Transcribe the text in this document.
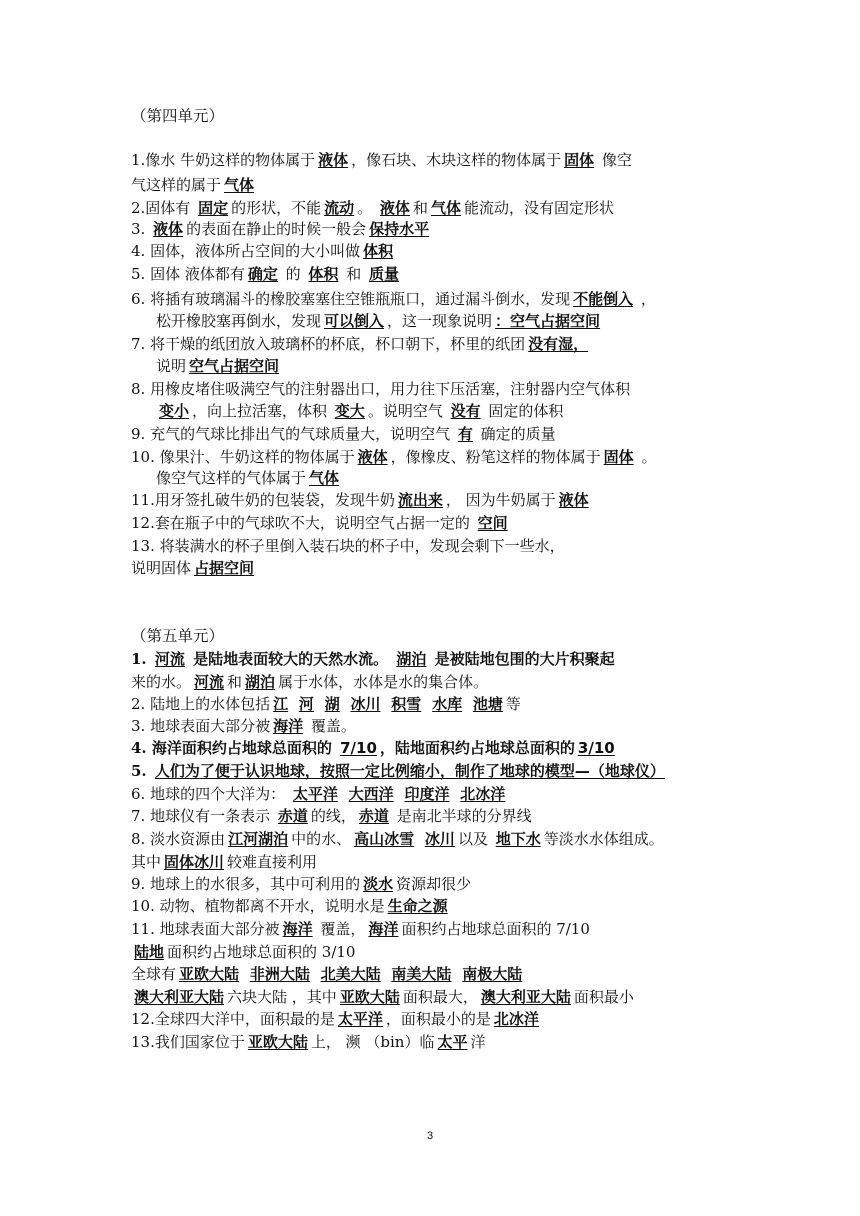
（第四单元）
1.像水 牛奶这样的物体属于 液体 ，像石块、木块这样的物体属于 固体 像空
气这样的属于 气体
2.固体有 固定 的形状，不能 流动 。 液体 和 气体 能流动，没有固定形状
3. 液体 的表面在静止的时候一般会 保持水平
4. 固体，液体所占空间的大小叫做 体积
5. 固体 液体都有 确定 的 体积 和 质量
6. 将插有玻璃漏斗的橡胶塞塞住空锥瓶瓶口，通过漏斗倒水，发现 不能倒入 ，
松开橡胶塞再倒水，发现 可以倒入 ，这一现象说明 ：空气占据空间
7. 将干燥的纸团放入玻璃杯的杯底，杯口朝下，杯里的纸团 没有湿，
说明 空气占据空间
8. 用橡皮堵住吸满空气的注射器出口，用力往下压活塞，注射器内空气体积
变小 ，向上拉活塞，体积 变大 。说明空气 没有 固定的体积
9. 充气的气球比排出气的气球质量大，说明空气 有 确定的质量
10. 像果汁、牛奶这样的物体属于 液体 ，像橡皮、粉笔这样的物体属于 固体 。
像空气这样的气体属于 气体
11.用牙签扎破牛奶的包装袋，发现牛奶 流出来 ， 因为牛奶属于 液体
12.套在瓶子中的气球吹不大，说明空气占据一定的 空间
13. 将装满水的杯子里倒入装石块的杯子中，发现会剩下一些水，
说明固体 占据空间
（第五单元）
1. 河流 是陆地表面较大的天然水流。 湖泊 是被陆地包围的大片积聚起
来的水。 河流 和 湖泊 属于水体，水体是水的集合体。
2. 陆地上的水体包括 江 河 湖 冰川 积雪 水库 池塘 等
3. 地球表面大部分被 海洋 覆盖。
4. 海洋面积约占地球总面积的 7/10 ，陆地面积约占地球总面积的 3/10
5. 人们为了便于认识地球，按照一定比例缩小，制作了地球的模型—（地球仪）
6. 地球的四个大洋为： 太平洋 大西洋 印度洋 北冰洋
7. 地球仪有一条表示 赤道 的线， 赤道 是南北半球的分界线
8. 淡水资源由 江河湖泊 中的水、 高山冰雪 冰川 以及 地下水 等淡水水体组成。
其中 固体冰川 较难直接利用
9. 地球上的水很多，其中可利用的 淡水 资源却很少
10. 动物、植物都离不开水，说明水是 生命之源
11. 地球表面大部分被 海洋 覆盖， 海洋 面积约占地球总面积的 7/10
陆地 面积约占地球总面积的 3/10
全球有 亚欧大陆 非洲大陆 北美大陆 南美大陆 南极大陆
澳大利亚大陆 六块大陆 ，其中 亚欧大陆 面积最大， 澳大利亚大陆 面积最小
12.全球四大洋中，面积最的是 太平洋 ，面积最小的是 北冰洋
13.我们国家位于 亚欧大陆 上， 濒 （bin）临 太平 洋
3
